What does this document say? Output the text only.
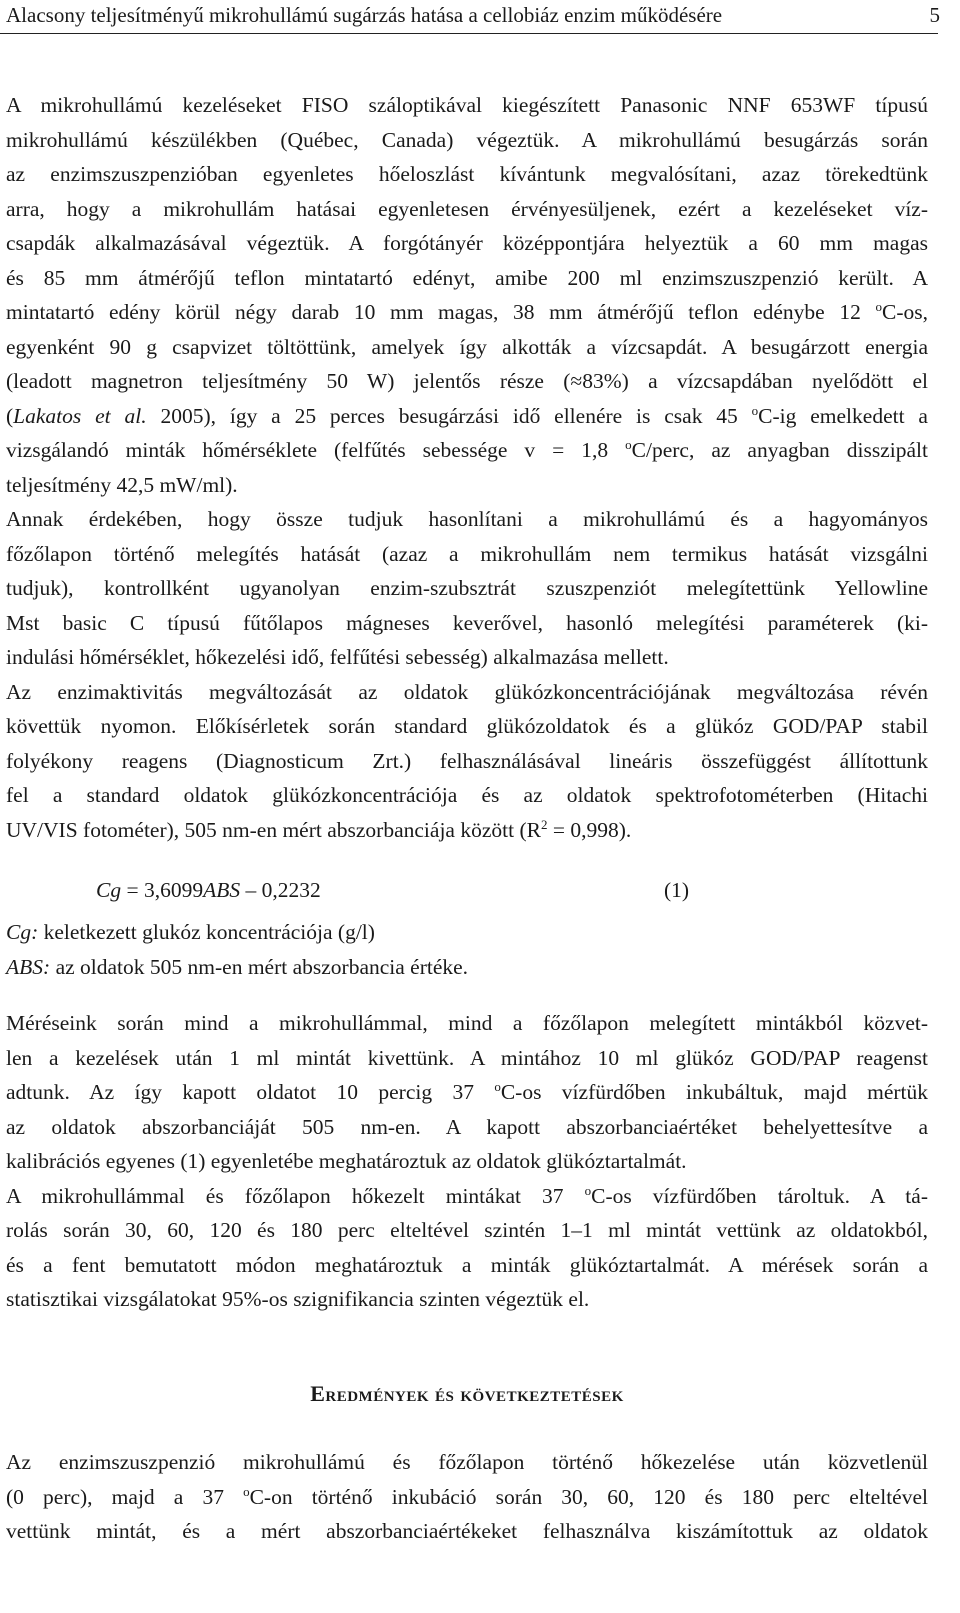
Alacsony teljesítményű mikrohullámú sugárzás hatása a cellobiáz enzim működésére	5
A mikrohullámú kezeléseket FISO száloptikával kiegészített Panasonic NNF 653WF típusú
mikrohullámú készülékben (Québec, Canada) végeztük. A mikrohullámú besugárzás során
az enzimszuszpenzióban egyenletes hőeloszlást kívántunk megvalósítani, azaz törekedtünk
arra, hogy a mikrohullám hatásai egyenletesen érvényesüljenek, ezért a kezeléseket víz-
csapdák alkalmazásával végeztük. A forgótányér középpontjára helyeztük a 60 mm magas
és 85 mm átmérőjű teflon mintatartó edényt, amibe 200 ml enzimszuszpenzió került. A
mintatartó edény körül négy darab 10 mm magas, 38 mm átmérőjű teflon edénybe 12 $^o$C-os,
egyenként 90 g csapvizet töltöttünk, amelyek így alkották a vízcsapdát. A besugárzott energia
(leadott magnetron teljesítmény 50 W) jelentős része (≈83%) a vízcsapdában nyelődött el
(Lakatos et al. 2005), így a 25 perces besugárzási idő ellenére is csak 45 $^o$C-ig emelkedett a
vizsgálandó minták hőmérséklete (felfűtés sebessége v = 1,8 $^o$C/perc, az anyagban disszipált
teljesítmény 42,5 mW/ml).
Annak érdekében, hogy össze tudjuk hasonlítani a mikrohullámú és a hagyományos
főzőlapon történő melegítés hatását (azaz a mikrohullám nem termikus hatását vizsgálni
tudjuk), kontrollként ugyanolyan enzim-szubsztrát szuszpenziót melegítettünk Yellowline
Mst basic C típusú fűtőlapos mágneses keverővel, hasonló melegítési paraméterek (ki-
indulási hőmérséklet, hőkezelési idő, felfűtési sebesség) alkalmazása mellett.
Az enzimaktivitás megváltozását az oldatok glükózkoncentrációjának megváltozása révén
követtük nyomon. Előkísérletek során standard glükózoldatok és a glükóz GOD/PAP stabil
folyékony reagens (Diagnosticum Zrt.) felhasználásával lineáris összefüggést állítottunk
fel a standard oldatok glükózkoncentrációja és az oldatok spektrofotométerben (Hitachi
UV/VIS fotométer), 505 nm-en mért abszorbanciája között $(R^2 = 0,998)$.
Cg = 3,6099ABS – 0,2232	(1)
Cg: keletkezett glukóz koncentrációja (g/l)
ABS: az oldatok 505 nm-en mért abszorbancia értéke.
Méréseink során mind a mikrohullámmal, mind a főzőlapon melegített mintákból közvet-
len a kezelések után 1 ml mintát kivettünk. A mintához 10 ml glükóz GOD/PAP reagenst
adtunk. Az így kapott oldatot 10 percig 37 $^o$C-os vízfürdőben inkubáltuk, majd mértük
az oldatok abszorbanciáját 505 nm-en. A kapott abszorbanciaértéket behelyettesítve a
kalibrációs egyenes (1) egyenletébe meghatároztuk az oldatok glükóztartalmát.
A mikrohullámmal és főzőlapon hőkezelt mintákat 37 $^o$C-os vízfürdőben tároltuk. A tá-
rolás során 30, 60, 120 és 180 perc elteltével szintén 1–1 ml mintát vettünk az oldatokból,
és a fent bemutatott módon meghatároztuk a minták glükóztartalmát. A mérések során a
statisztikai vizsgálatokat 95%-os szignifikancia szinten végeztük el.
Eredmények és következtetések
Az enzimszuszpenzió mikrohullámú és főzőlapon történő hőkezelése után közvetlenül
(0 perc), majd a 37 $^o$C-on történő inkubáció során 30, 60, 120 és 180 perc elteltével
vettünk mintát, és a mért abszorbanciaértékeket felhasználva kiszámítottuk az oldatok
